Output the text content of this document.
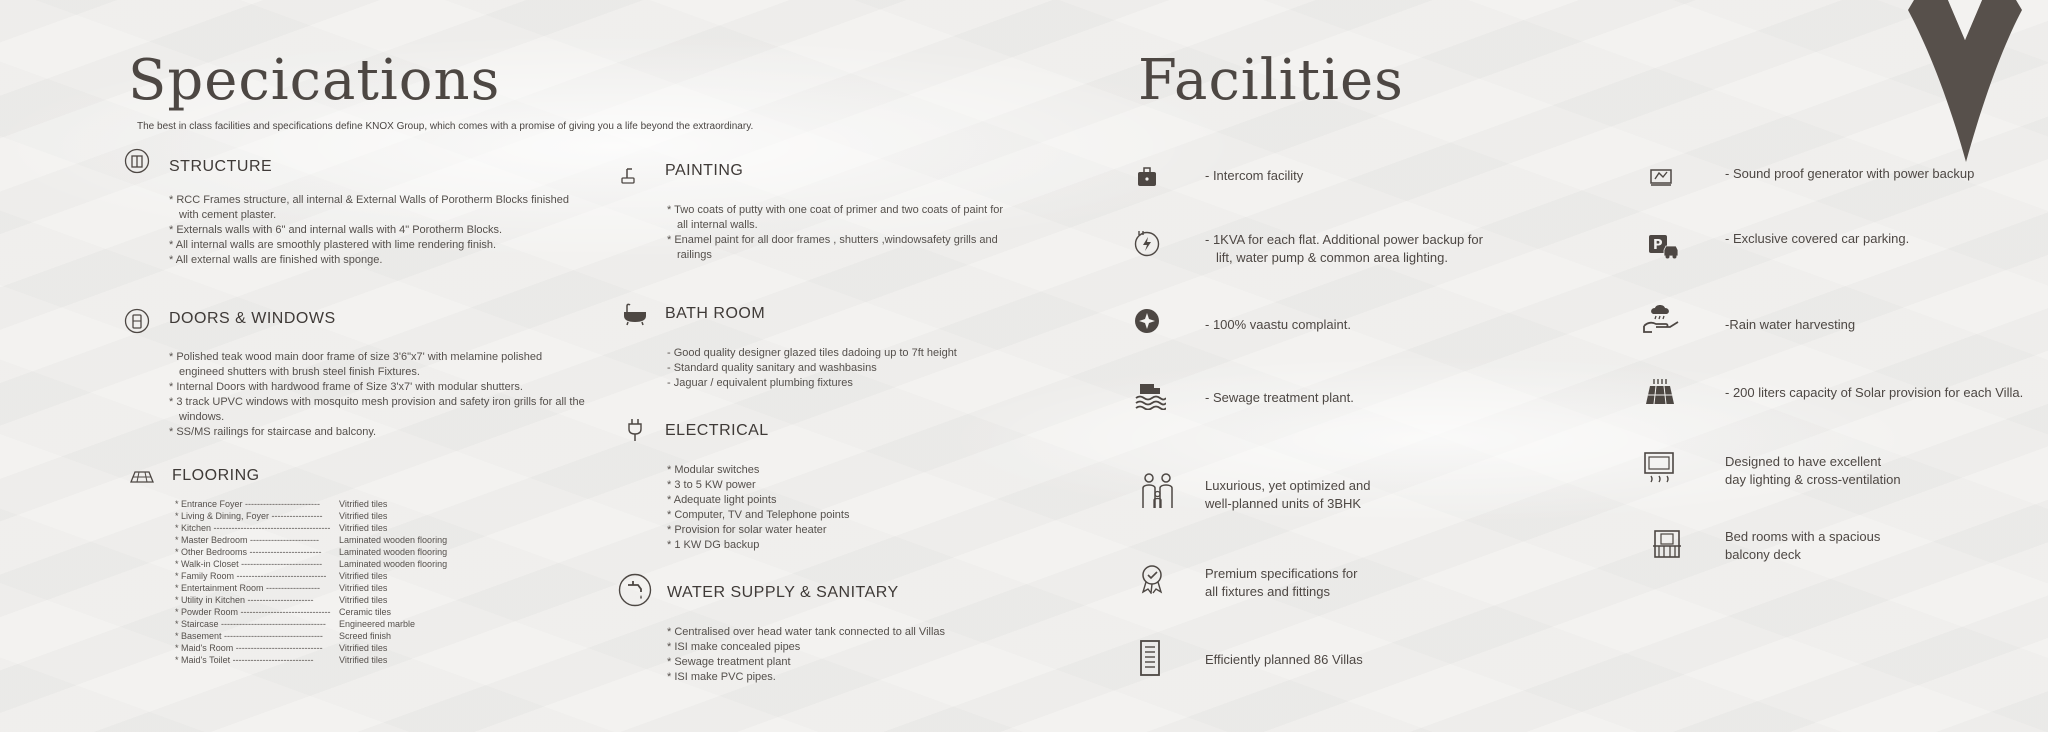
Specications
The best in class facilities and specifications define KNOX Group, which comes with a promise of giving you a life beyond the extraordinary.
STRUCTURE
* RCC Frames structure, all internal & External Walls of Porotherm Blocks finished with cement plaster.
* Externals walls with 6" and internal walls with 4" Porotherm Blocks.
* All internal walls are smoothly plastered with lime rendering finish.
* All external walls are finished with sponge.
DOORS & WINDOWS
* Polished teak wood main door frame of size 3'6"x7' with melamine polished engineed shutters with brush steel finish Fixtures.
* Internal Doors with hardwood frame of Size 3'x7' with modular shutters.
* 3 track UPVC windows with mosquito mesh provision and safety iron grills for all the windows.
* SS/MS railings for staircase and balcony.
FLOORING
* Entrance Foyer -------------------------	Vitrified tiles
* Living & Dining, Foyer -----------------	Vitrified tiles
* Kitchen --------------------------------------- Vitrified tiles
* Master Bedroom -----------------------	Laminated wooden flooring
* Other Bedrooms ------------------------	Laminated wooden flooring
* Walk-in Closet ---------------------------	Laminated wooden flooring
* Family Room ------------------------------	Vitrified tiles
* Entertainment Room ------------------	Vitrified tiles
* Utility in Kitchen ----------------------	Vitrified tiles
* Powder Room ------------------------------ Ceramic tiles
* Staircase -----------------------------------	Engineered marble
* Basement ---------------------------------	Screed finish
* Maid's Room -----------------------------	Vitrified tiles
* Maid's Toilet ---------------------------	Vitrified tiles
PAINTING
* Two coats of putty with one coat of primer and two coats of paint for all internal walls.
* Enamel paint for all door frames , shutters ,windowsafety grills and railings
BATH ROOM
- Good quality designer glazed tiles dadoing up to 7ft height
- Standard quality sanitary and washbasins
- Jaguar / equivalent plumbing fixtures
ELECTRICAL
* Modular switches
* 3 to 5 KW power
* Adequate light points
* Computer, TV and Telephone points
* Provision for solar water heater
* 1 KW DG backup
WATER SUPPLY & SANITARY
* Centralised over head water tank connected to all Villas
* ISI make concealed pipes
* Sewage treatment plant
* ISI make PVC pipes.
Facilities
- Intercom facility
- 1KVA for each flat. Additional power backup for
lift, water pump & common area lighting.
- 100% vaastu complaint.
- Sewage treatment plant.
Luxurious, yet optimized and
well-planned units of 3BHK
Premium specifications for
all fixtures and fittings
Efficiently planned 86 Villas
- Sound proof generator with power backup
P	- Exclusive covered car parking.
-Rain water harvesting
- 200 liters capacity of Solar provision for each Villa.
Designed to have excellent
day lighting & cross-ventilation
Bed rooms with a spacious
balcony deck
